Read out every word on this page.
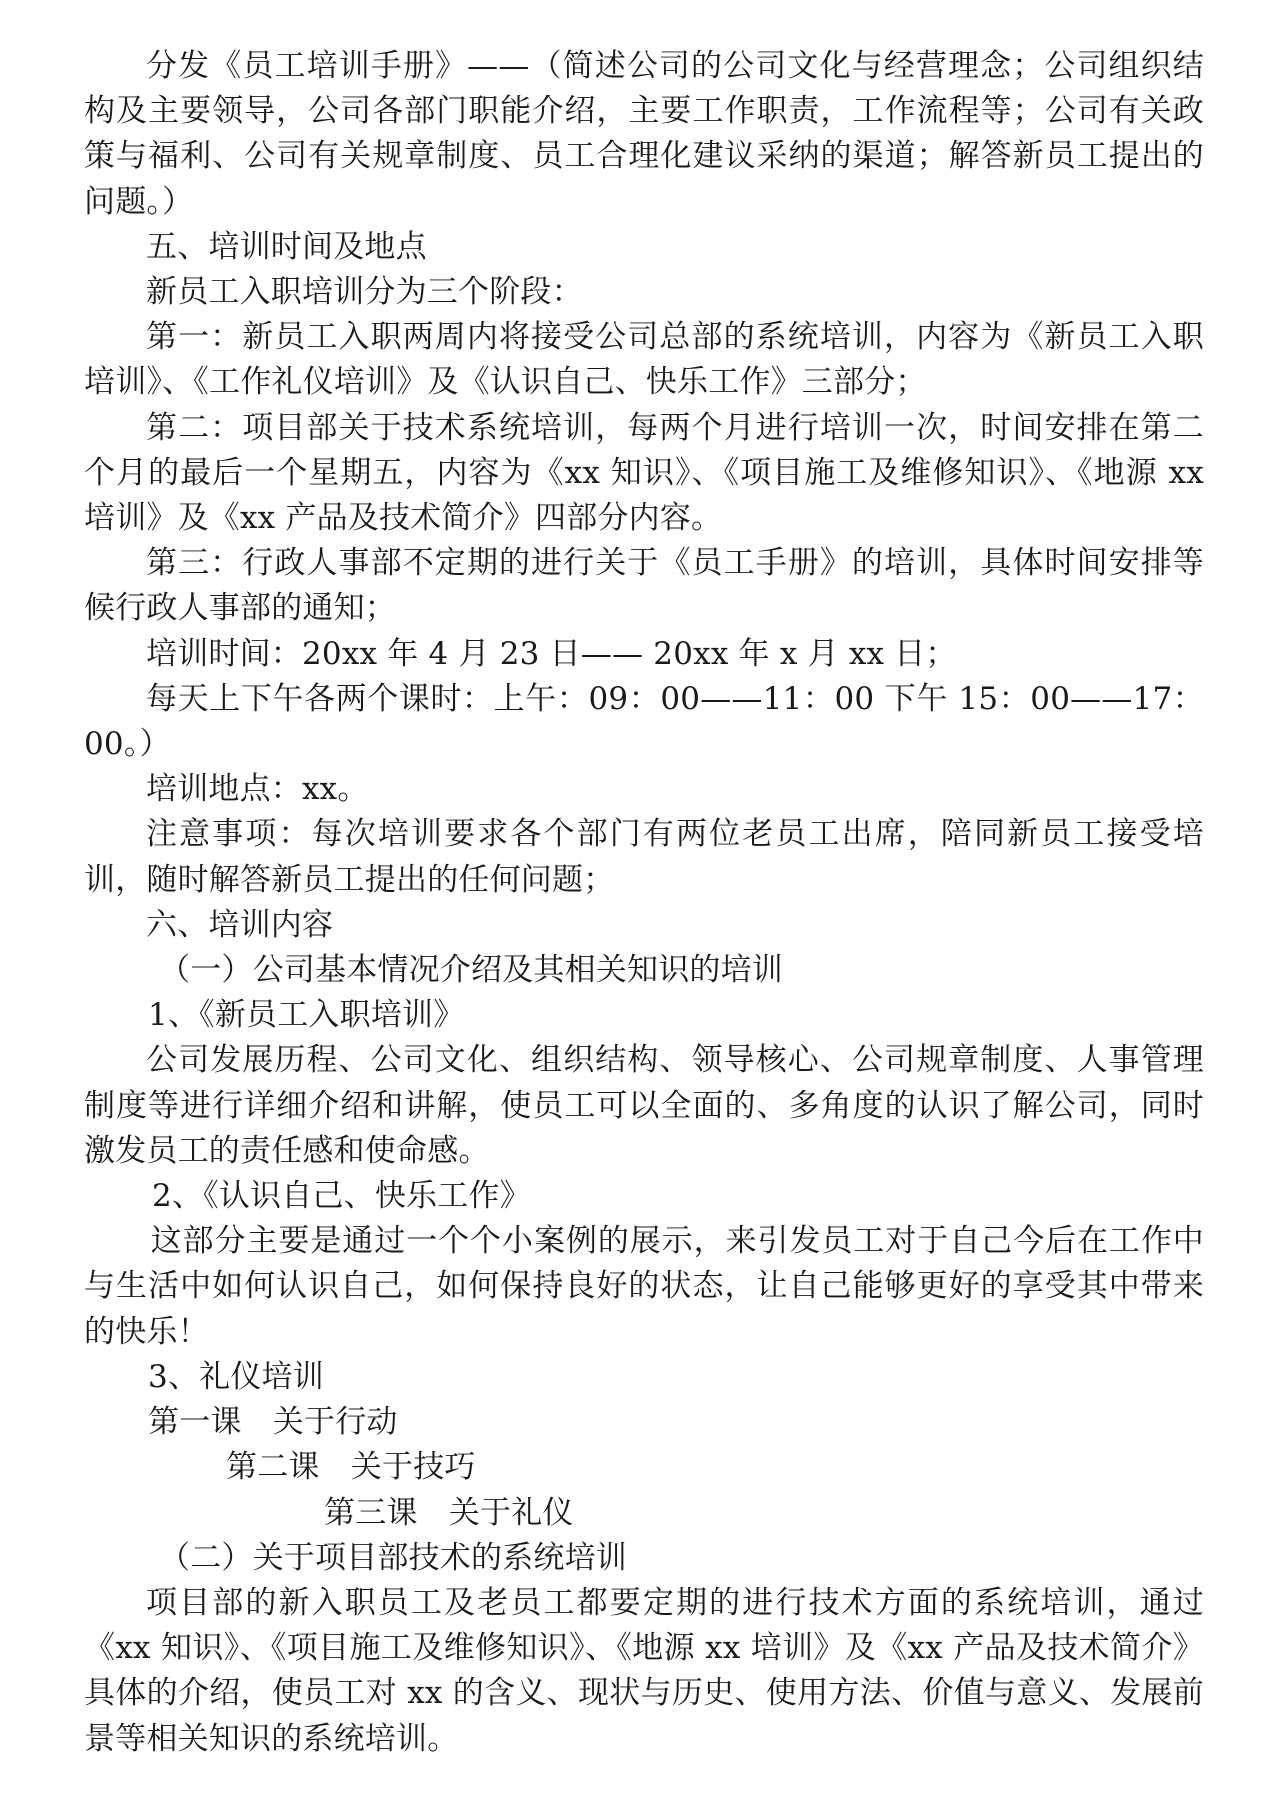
分发《员工培训手册》——（简述公司的公司文化与经营理念；公司组织结构及主要领导，公司各部门职能介绍，主要工作职责，工作流程等；公司有关政策与福利、公司有关规章制度、员工合理化建议采纳的渠道；解答新员工提出的问题。）

五、培训时间及地点

新员工入职培训分为三个阶段：

第一：新员工入职两周内将接受公司总部的系统培训，内容为《新员工入职培训》、《工作礼仪培训》及《认识自己、快乐工作》三部分；

第二：项目部关于技术系统培训，每两个月进行培训一次，时间安排在第二个月的最后一个星期五，内容为《xx 知识》、《项目施工及维修知识》、《地源 xx 培训》及《xx 产品及技术简介》四部分内容。

第三：行政人事部不定期的进行关于《员工手册》的培训，具体时间安排等候行政人事部的通知；

培训时间：20xx 年 4 月 23 日—— 20xx 年 x 月 xx 日；

每天上下午各两个课时：上午：09：00——11：00 下午 15：00——17：00。）

培训地点：xx。

注意事项：每次培训要求各个部门有两位老员工出席，陪同新员工接受培训，随时解答新员工提出的任何问题；

六、培训内容

（一）公司基本情况介绍及其相关知识的培训

1、《新员工入职培训》

公司发展历程、公司文化、组织结构、领导核心、公司规章制度、人事管理制度等进行详细介绍和讲解，使员工可以全面的、多角度的认识了解公司，同时激发员工的责任感和使命感。

2、《认识自己、快乐工作》

这部分主要是通过一个个小案例的展示，来引发员工对于自己今后在工作中与生活中如何认识自己，如何保持良好的状态，让自己能够更好的享受其中带来的快乐！

3、礼仪培训

第一课　关于行动

第二课　关于技巧

第三课　关于礼仪

（二）关于项目部技术的系统培训

项目部的新入职员工及老员工都要定期的进行技术方面的系统培训，通过《xx 知识》、《项目施工及维修知识》、《地源 xx 培训》及《xx 产品及技术简介》具体的介绍，使员工对 xx 的含义、现状与历史、使用方法、价值与意义、发展前景等相关知识的系统培训。
